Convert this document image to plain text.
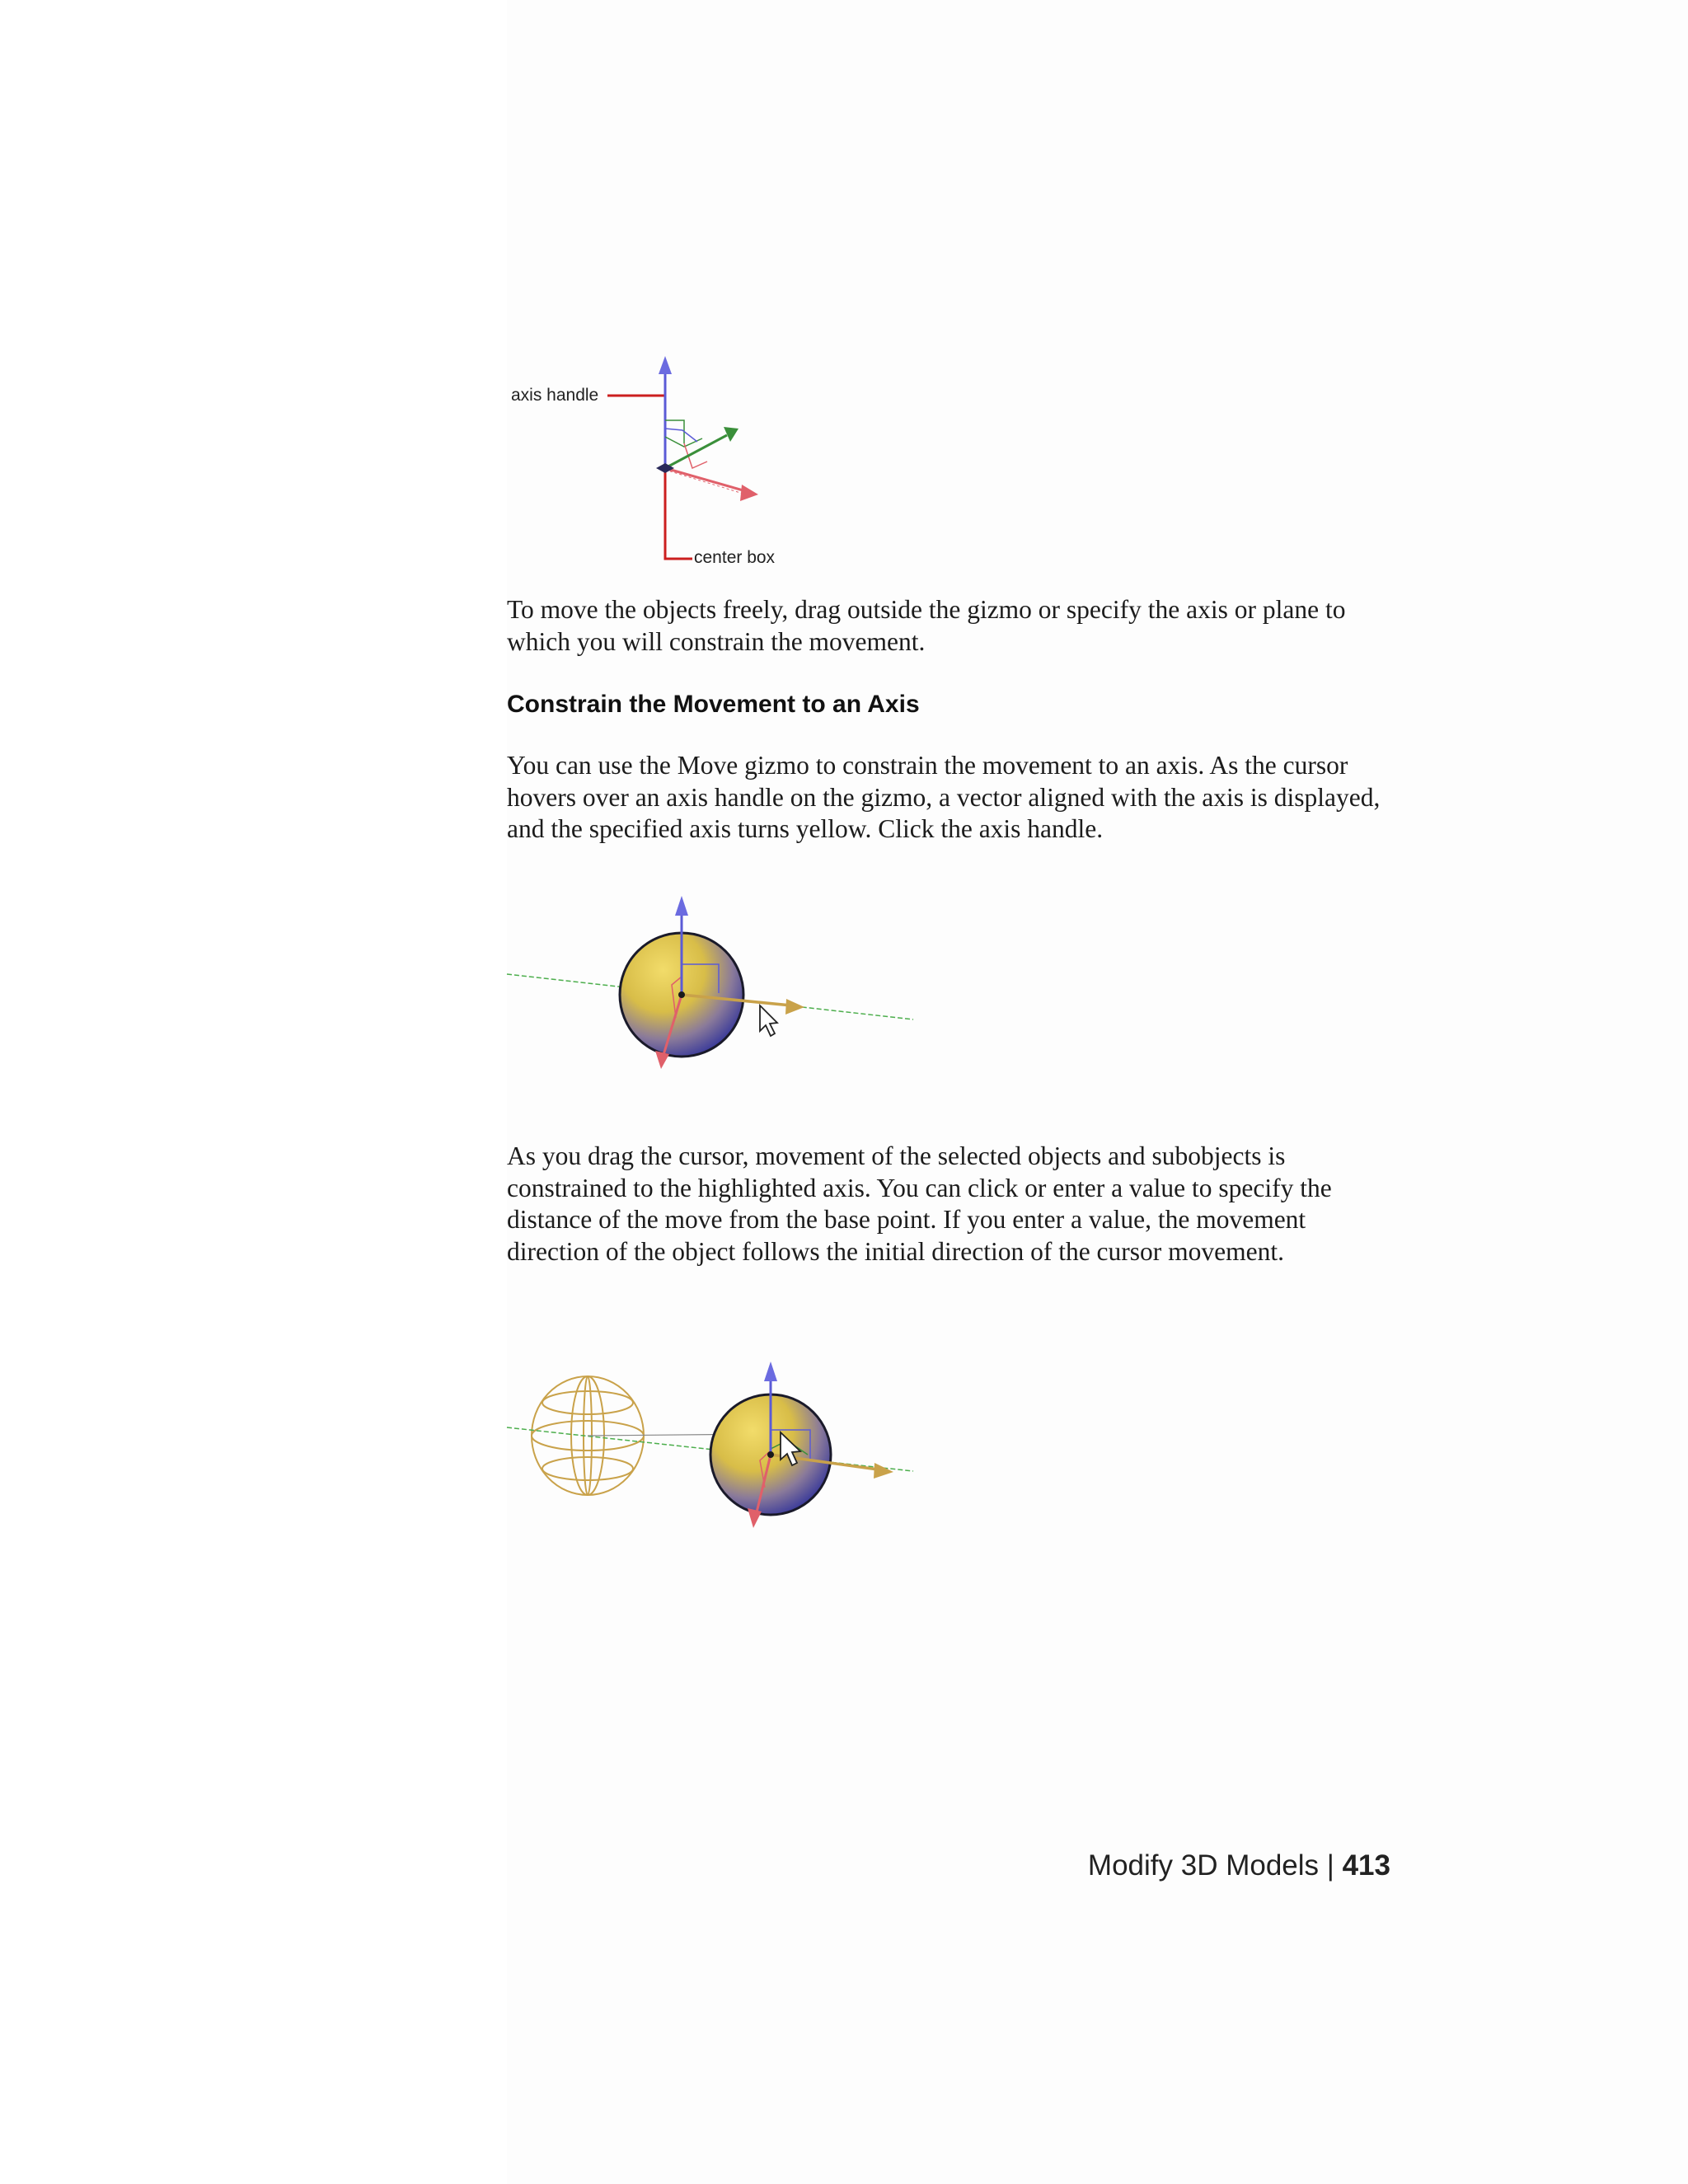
axis handle
center box

To move the objects freely, drag outside the gizmo or specify the axis or plane to which you will constrain the movement.

Constrain the Movement to an Axis

You can use the Move gizmo to constrain the movement to an axis. As the cursor hovers over an axis handle on the gizmo, a vector aligned with the axis is displayed, and the specified axis turns yellow. Click the axis handle.

As you drag the cursor, movement of the selected objects and subobjects is constrained to the highlighted axis. You can click or enter a value to specify the distance of the move from the base point. If you enter a value, the movement direction of the object follows the initial direction of the cursor movement.

Modify 3D Models | 413
